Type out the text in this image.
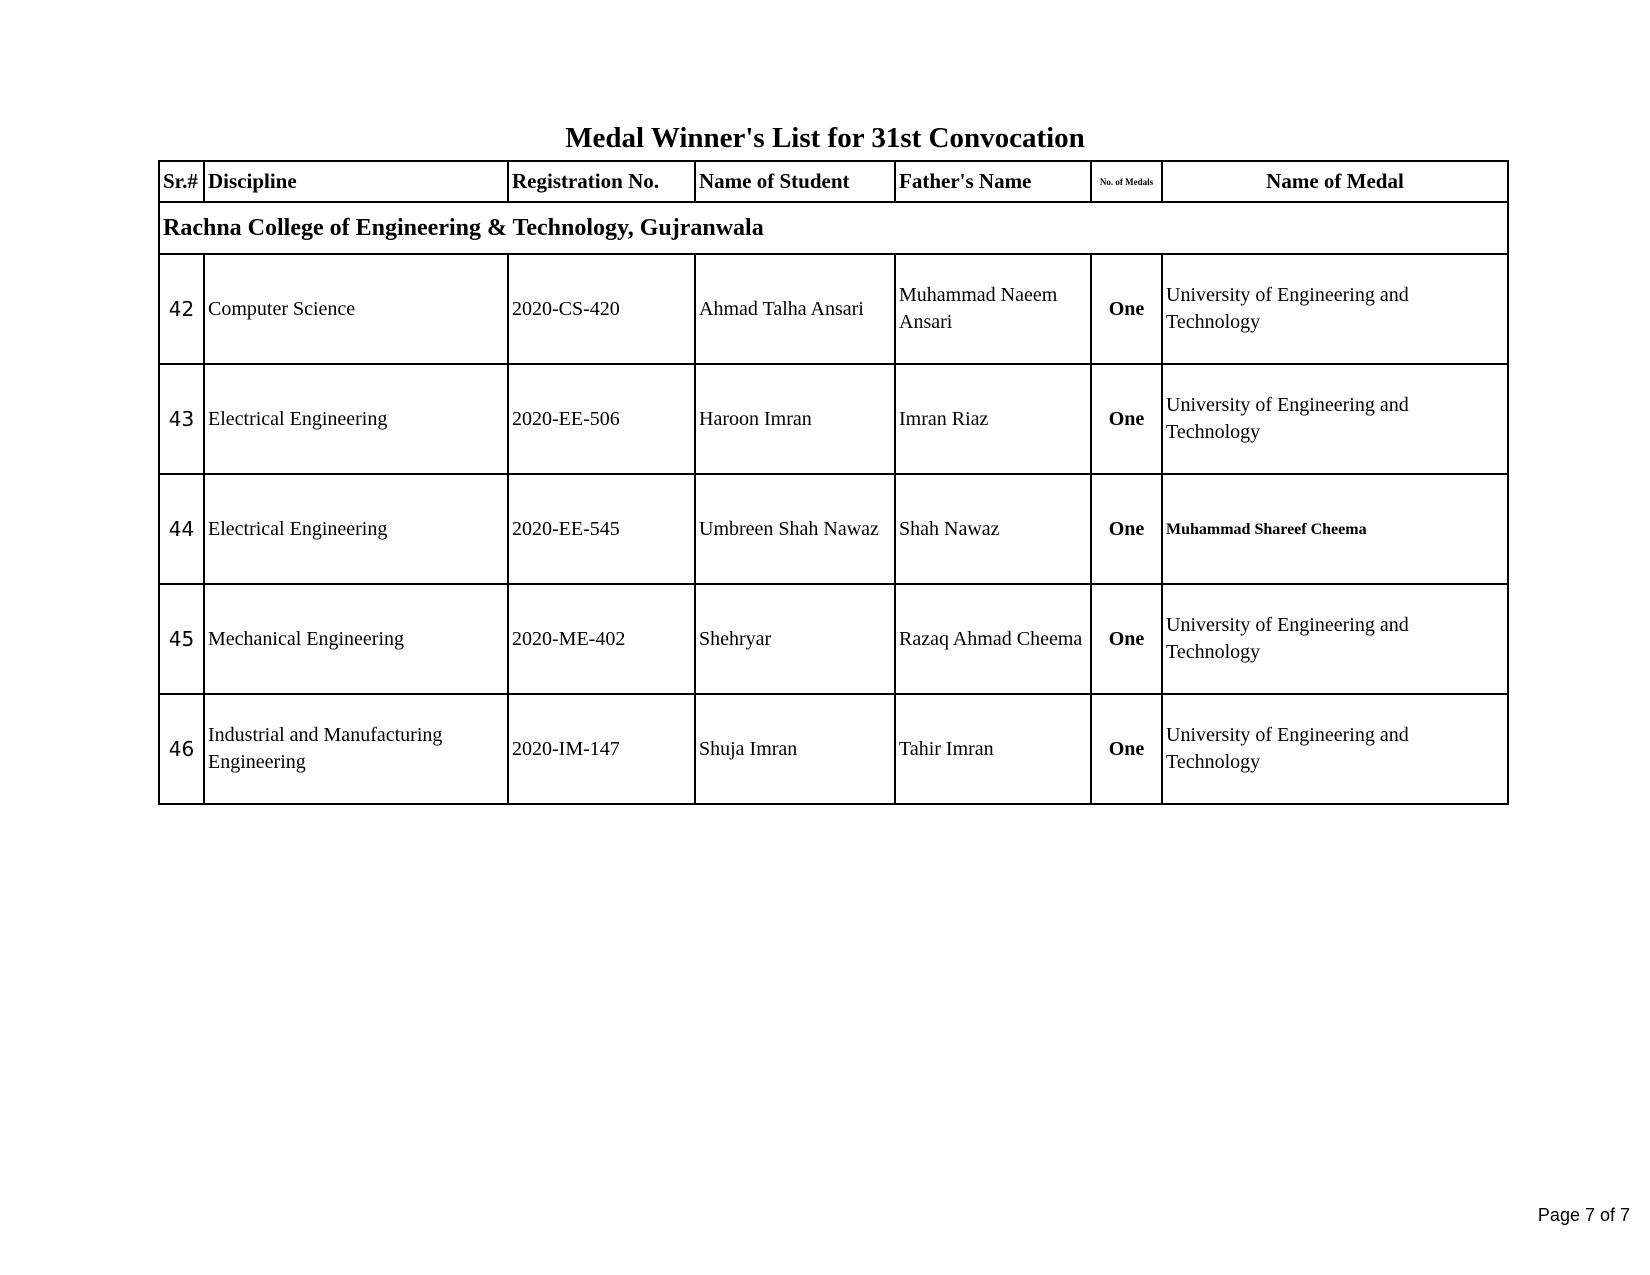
Medal Winner's List for 31st Convocation
Sr.#	Discipline	Registration No.	Name of Student	Father's Name	No. of Medals	Name of Medal
Rachna College of Engineering & Technology, Gujranwala						
42	Computer Science	2020-CS-420	Ahmad Talha Ansari	Muhammad Naeem Ansari	One	University of Engineering and Technology
43	Electrical Engineering	2020-EE-506	Haroon Imran	Imran Riaz	One	University of Engineering and Technology
44	Electrical Engineering	2020-EE-545	Umbreen Shah Nawaz	Shah Nawaz	One	Muhammad Shareef Cheema
45	Mechanical Engineering	2020-ME-402	Shehryar	Razaq Ahmad Cheema	One	University of Engineering and Technology
46	Industrial and Manufacturing Engineering	2020-IM-147	Shuja Imran	Tahir Imran	One	University of Engineering and Technology
Page 7 of 7
